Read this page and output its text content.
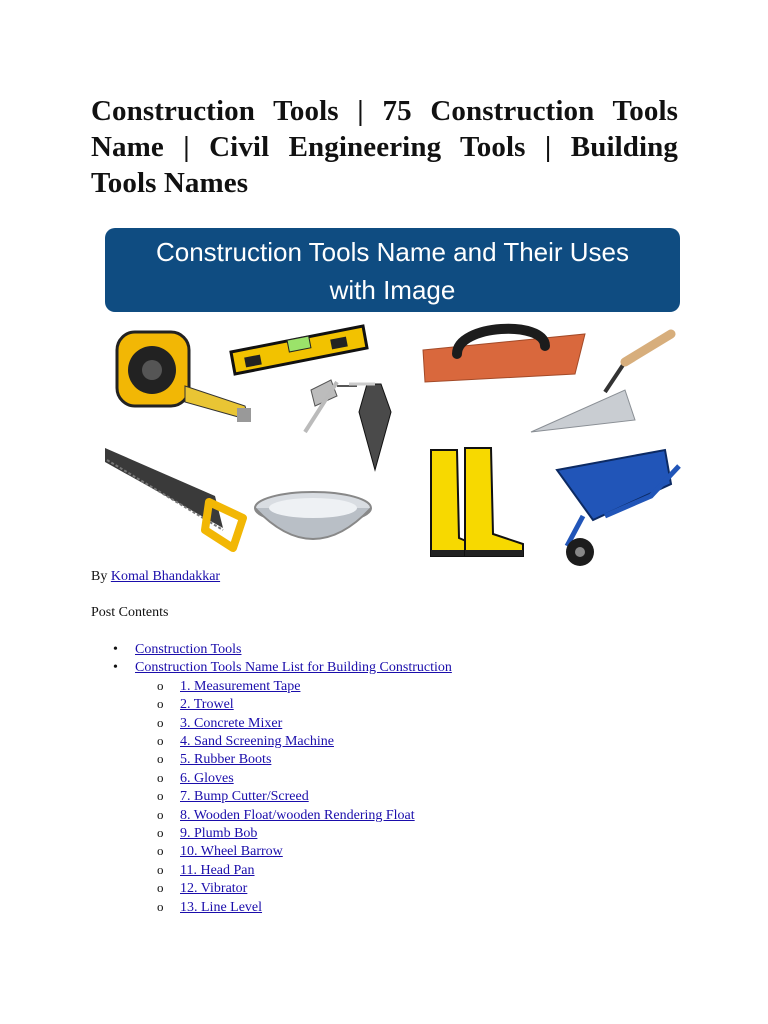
Construction Tools | 75 Construction Tools Name | Civil Engineering Tools | Building Tools Names
Construction Tools Name and Their Uses
with Image
By Komal Bhandakkar
Post Contents
• Construction Tools
• Construction Tools Name List for Building Construction
o 1. Measurement Tape
o 2. Trowel
o 3. Concrete Mixer
o 4. Sand Screening Machine
o 5. Rubber Boots
o 6. Gloves
o 7. Bump Cutter/Screed
o 8. Wooden Float/wooden Rendering Float
o 9. Plumb Bob
o 10. Wheel Barrow
o 11. Head Pan
o 12. Vibrator
o 13. Line Level
